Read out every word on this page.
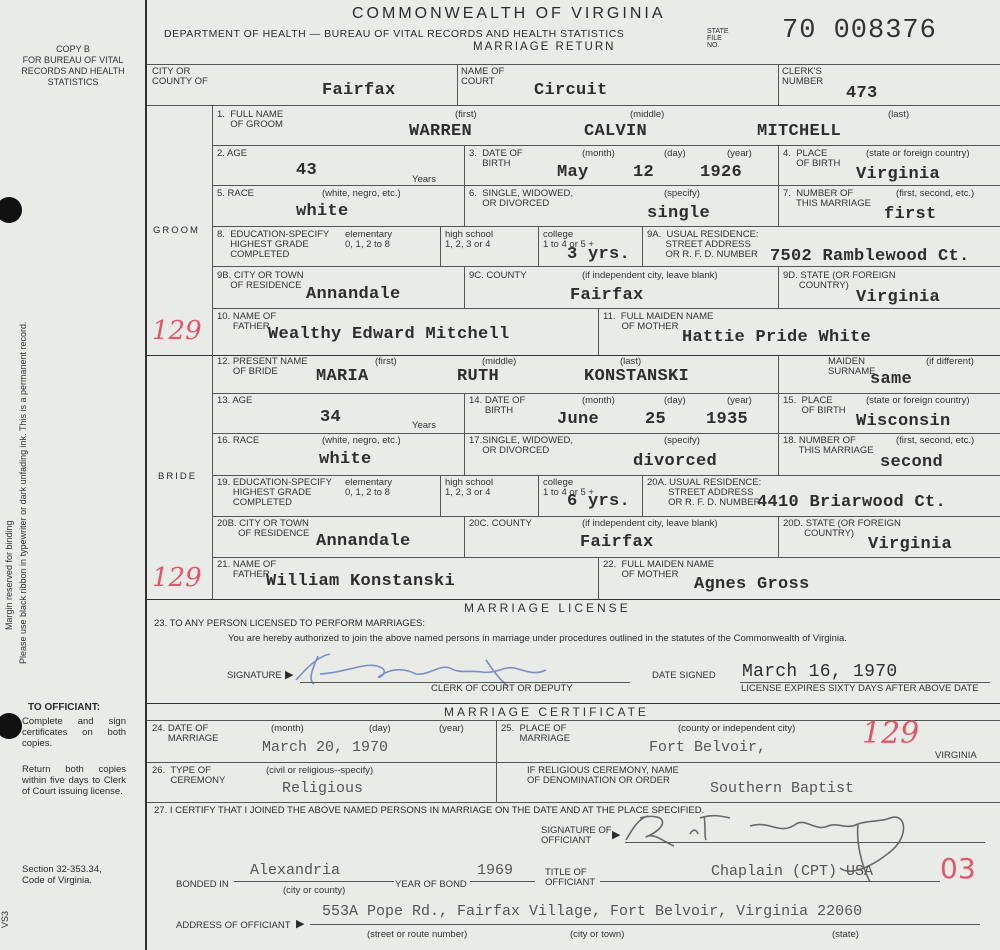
COPY B
FOR BUREAU OF VITAL
RECORDS AND HEALTH
STATISTICS
Please use black ribbon in typewriter or dark unfading ink. This is a permanent record.
Margin reserved for binding
TO OFFICIANT:
Complete and sign certificates on both copies.
Return both copies within five days to Clerk of Court issuing license.
Section 32-353.34, Code of Virginia.
VS3
COMMONWEALTH OF VIRGINIA
DEPARTMENT OF HEALTH — BUREAU OF VITAL RECORDS AND HEALTH STATISTICS
MARRIAGE RETURN
STATE
FILE
NO.	70 008376
CITY OR
COUNTY OF	Fairfax
NAME OF
COURT	Circuit
CLERK'S
NUMBER
473
GROOM
129
1.  FULL NAME
OF GROOM
(first)	(middle)	(last)
WARREN	CALVIN	MITCHELL
2. AGE
43	Years
3.  DATE OF
BIRTH
(month)	(day)	(year)
May	12	1926
4.  PLACE
OF BIRTH
(state or foreign country)
Virginia
5. RACE	(white, negro, etc.)
white
6.  SINGLE, WIDOWED,
OR DIVORCED
(specify)
single
7.  NUMBER OF
THIS MARRIAGE
(first, second, etc.)
first
8.  EDUCATION-SPECIFY
HIGHEST GRADE
COMPLETED
elementary
0, 1, 2 to 8
high school
1, 2, 3 or 4
college
1 to 4 or 5 +
3 yrs.
9A.  USUAL RESIDENCE:
STREET ADDRESS
OR R. F. D. NUMBER 7502 Ramblewood Ct.
9B. CITY OR TOWN
OF RESIDENCE Annandale
9C. COUNTY	(if independent city, leave blank)
Fairfax
9D. STATE (OR FOREIGN
COUNTRY)
Virginia
10. NAME OF
FATHER
Wealthy Edward Mitchell
11.  FULL MAIDEN NAME
OF MOTHER
Hattie Pride White
BRIDE
129
12. PRESENT NAME
OF BRIDE
(first)	(middle)	(last)
MARIA	RUTH	KONSTANSKI
MAIDEN
SURNAME
(if different)
same
13. AGE
34	Years
14. DATE OF
BIRTH
(month)	(day)	(year)
June	25 1935
15.  PLACE
OF BIRTH
(state or foreign country)
Wisconsin
16. RACE	(white, negro, etc.)
white
17.SINGLE, WIDOWED,
OR DIVORCED
(specify)
divorced
18. NUMBER OF
THIS MARRIAGE
(first, second, etc.)
second
19. EDUCATION-SPECIFY
HIGHEST GRADE
COMPLETED
elementary
0, 1, 2 to 8
high school
1, 2, 3 or 4
college
1 to 4 or 5 +
6 yrs.
20A. USUAL RESIDENCE:
STREET ADDRESS
OR R. F. D. NUMBER
4410 Briarwood Ct.
20B. CITY OR TOWN
OF RESIDENCE Annandale
20C. COUNTY	(if independent city, leave blank)
Fairfax
20D. STATE (OR FOREIGN
COUNTRY)
Virginia
21. NAME OF
FATHER
William Konstanski
22.  FULL MAIDEN NAME
OF MOTHER
Agnes Gross
MARRIAGE LICENSE
23. TO ANY PERSON LICENSED TO PERFORM MARRIAGES:
You are hereby authorized to join the above named persons in marriage under procedures outlined in the statutes of the Commonwealth of Virginia.
SIGNATURE ▶
CLERK OF COURT OR DEPUTY
DATE SIGNED March 16, 1970
LICENSE EXPIRES SIXTY DAYS AFTER ABOVE DATE
MARRIAGE CERTIFICATE
24. DATE OF
MARRIAGE
(month)	(day)	(year)
March 20, 1970
25.  PLACE OF
MARRIAGE
(county or independent city)
Fort Belvoir,	129
VIRGINIA
26.  TYPE OF
CEREMONY
(civil or religious--specify)
Religious
IF RELIGIOUS CEREMONY, NAME
OF DENOMINATION OR ORDER	Southern Baptist
27. I CERTIFY THAT I JOINED THE ABOVE NAMED PERSONS IN MARRIAGE ON THE DATE AND AT THE PLACE SPECIFIED.
SIGNATURE OF
OFFICIANT	▶
BONDED IN
Alexandria
(city or county)
YEAR OF BOND
1969	TITLE OF
OFFICIANT
Chaplain (CPT) USA 03
ADDRESS OF OFFICIANT ▶
553A Pope Rd., Fairfax Village, Fort Belvoir, Virginia 22060
(street or route number)	(city or town)	(state)
